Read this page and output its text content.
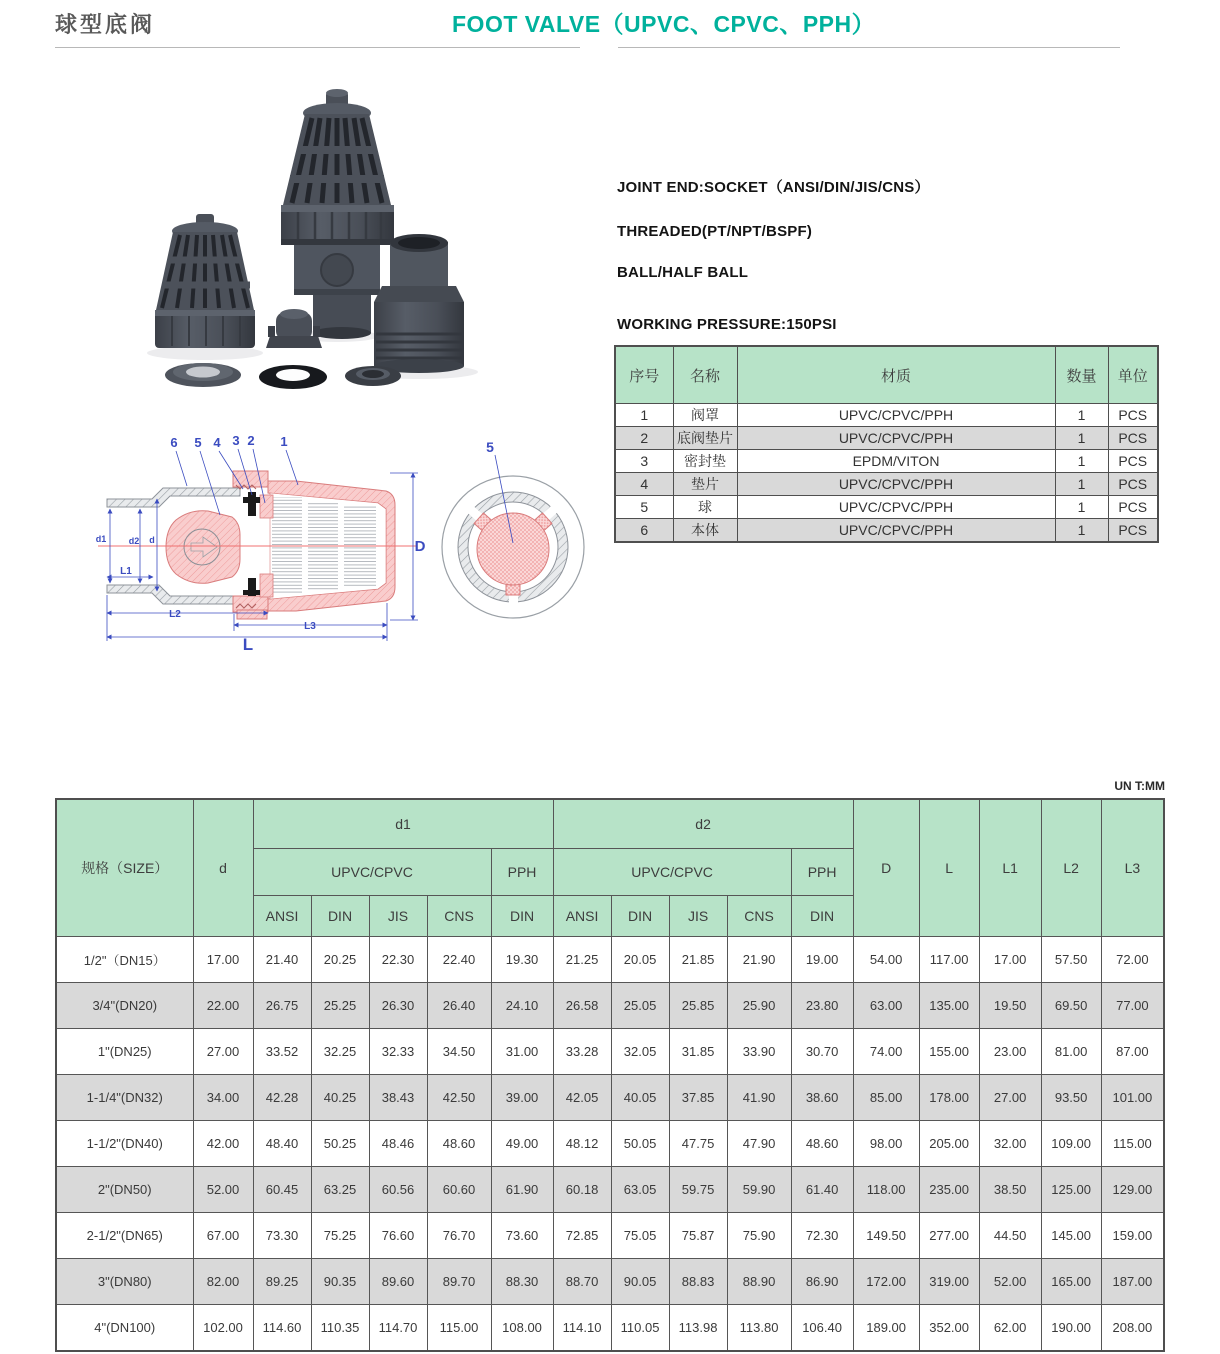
球型底阀	FOOT VALVE（UPVC、CPVC、PPH）
6 5 4 3 2 1
d1 d2 d
L1
L2
L3
L
D
5
JOINT END:SOCKET（ANSI/DIN/JIS/CNS）
THREADED(PT/NPT/BSPF)
BALL/HALF BALL
WORKING PRESSURE:150PSI
序号	名称	材质	数量	单位
1	阀罩	UPVC/CPVC/PPH	1	PCS
2	底阀垫片	UPVC/CPVC/PPH	1	PCS
3	密封垫	EPDM/VITON	1	PCS
4	垫片	UPVC/CPVC/PPH	1	PCS
5	球	UPVC/CPVC/PPH	1	PCS
6	本体	UPVC/CPVC/PPH	1	PCS
UN T:MM
规格（SIZE）	d	d1					d2					D	L	L1	L2	L3
		UPVC/CPVC				PPH	UPVC/CPVC				PPH					
		ANSI	DIN	JIS	CNS	DIN	ANSI	DIN	JIS	CNS	DIN					
1/2"（DN15）	17.00	21.40	20.25	22.30	22.40	19.30	21.25	20.05	21.85	21.90	19.00	54.00	117.00	17.00	57.50	72.00
3/4"(DN20)	22.00	26.75	25.25	26.30	26.40	24.10	26.58	25.05	25.85	25.90	23.80	63.00	135.00	19.50	69.50	77.00
1"(DN25)	27.00	33.52	32.25	32.33	34.50	31.00	33.28	32.05	31.85	33.90	30.70	74.00	155.00	23.00	81.00	87.00
1-1/4"(DN32)	34.00	42.28	40.25	38.43	42.50	39.00	42.05	40.05	37.85	41.90	38.60	85.00	178.00	27.00	93.50	101.00
1-1/2"(DN40)	42.00	48.40	50.25	48.46	48.60	49.00	48.12	50.05	47.75	47.90	48.60	98.00	205.00	32.00	109.00	115.00
2"(DN50)	52.00	60.45	63.25	60.56	60.60	61.90	60.18	63.05	59.75	59.90	61.40	118.00	235.00	38.50	125.00	129.00
2-1/2"(DN65)	67.00	73.30	75.25	76.60	76.70	73.60	72.85	75.05	75.87	75.90	72.30	149.50	277.00	44.50	145.00	159.00
3"(DN80)	82.00	89.25	90.35	89.60	89.70	88.30	88.70	90.05	88.83	88.90	86.90	172.00	319.00	52.00	165.00	187.00
4"(DN100)	102.00	114.60	110.35	114.70	115.00	108.00	114.10	110.05	113.98	113.80	106.40	189.00	352.00	62.00	190.00	208.00
